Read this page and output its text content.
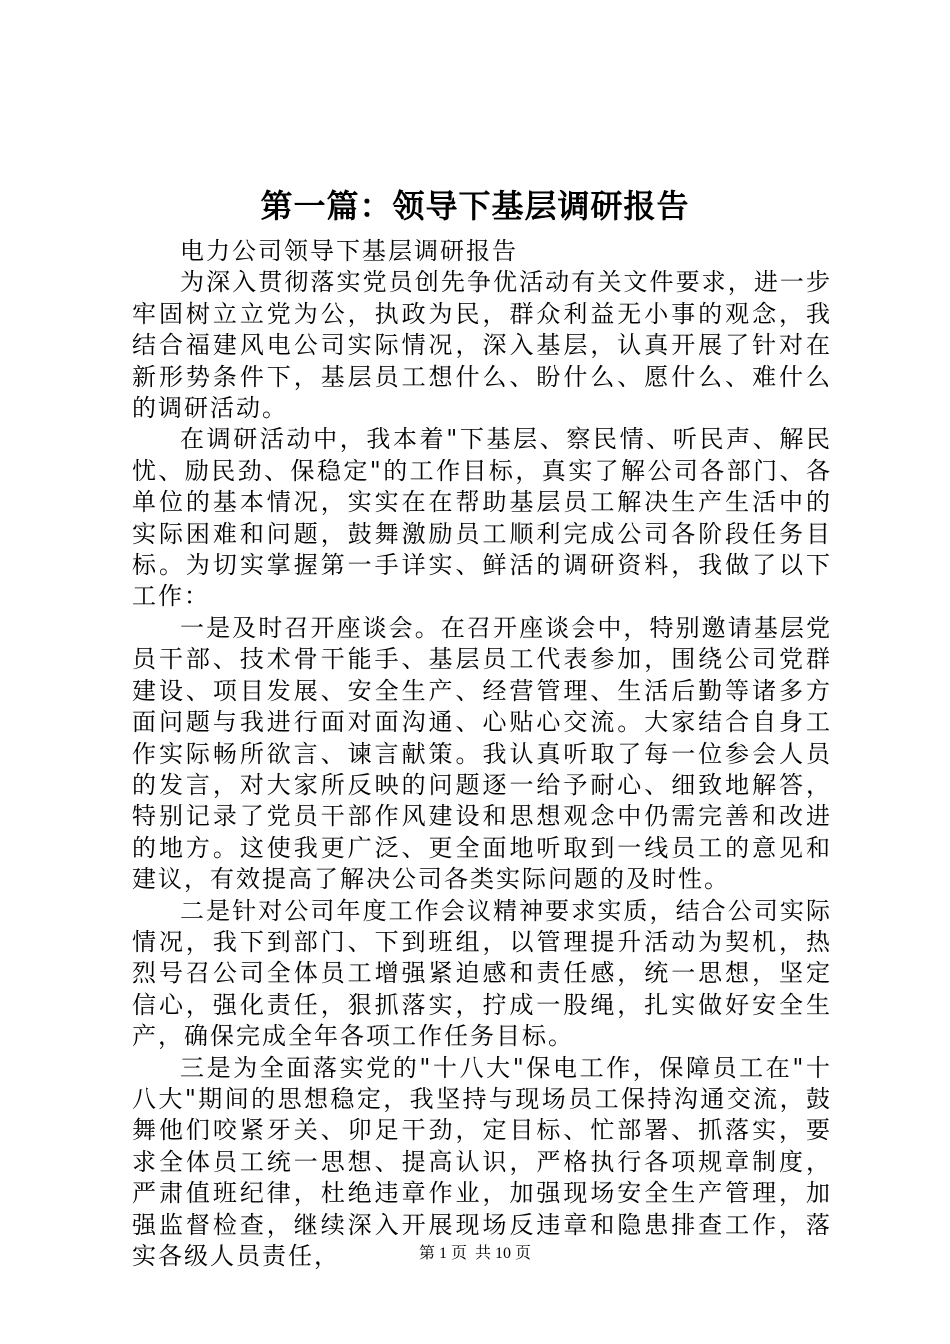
第一篇：领导下基层调研报告

电力公司领导下基层调研报告

为深入贯彻落实党员创先争优活动有关文件要求，进一步牢固树立立党为公，执政为民，群众利益无小事的观念，我结合福建风电公司实际情况，深入基层，认真开展了针对在新形势条件下，基层员工想什么、盼什么、愿什么、难什么的调研活动。

在调研活动中，我本着"下基层、察民情、听民声、解民忧、励民劲、保稳定"的工作目标，真实了解公司各部门、各单位的基本情况，实实在在帮助基层员工解决生产生活中的实际困难和问题，鼓舞激励员工顺利完成公司各阶段任务目标。为切实掌握第一手详实、鲜活的调研资料，我做了以下工作：

一是及时召开座谈会。在召开座谈会中，特别邀请基层党员干部、技术骨干能手、基层员工代表参加，围绕公司党群建设、项目发展、安全生产、经营管理、生活后勤等诸多方面问题与我进行面对面沟通、心贴心交流。大家结合自身工作实际畅所欲言、谏言献策。我认真听取了每一位参会人员的发言，对大家所反映的问题逐一给予耐心、细致地解答，特别记录了党员干部作风建设和思想观念中仍需完善和改进的地方。这使我更广泛、更全面地听取到一线员工的意见和建议，有效提高了解决公司各类实际问题的及时性。

二是针对公司年度工作会议精神要求实质，结合公司实际情况，我下到部门、下到班组，以管理提升活动为契机，热烈号召公司全体员工增强紧迫感和责任感，统一思想，坚定信心，强化责任，狠抓落实，拧成一股绳，扎实做好安全生产，确保完成全年各项工作任务目标。

三是为全面落实党的"十八大"保电工作，保障员工在"十八大"期间的思想稳定，我坚持与现场员工保持沟通交流，鼓舞他们咬紧牙关、卯足干劲，定目标、忙部署、抓落实，要求全体员工统一思想、提高认识，严格执行各项规章制度，严肃值班纪律，杜绝违章作业，加强现场安全生产管理，加强监督检查，继续深入开展现场反违章和隐患排查工作，落实各级人员责任，	第 1 页  共 10 页
